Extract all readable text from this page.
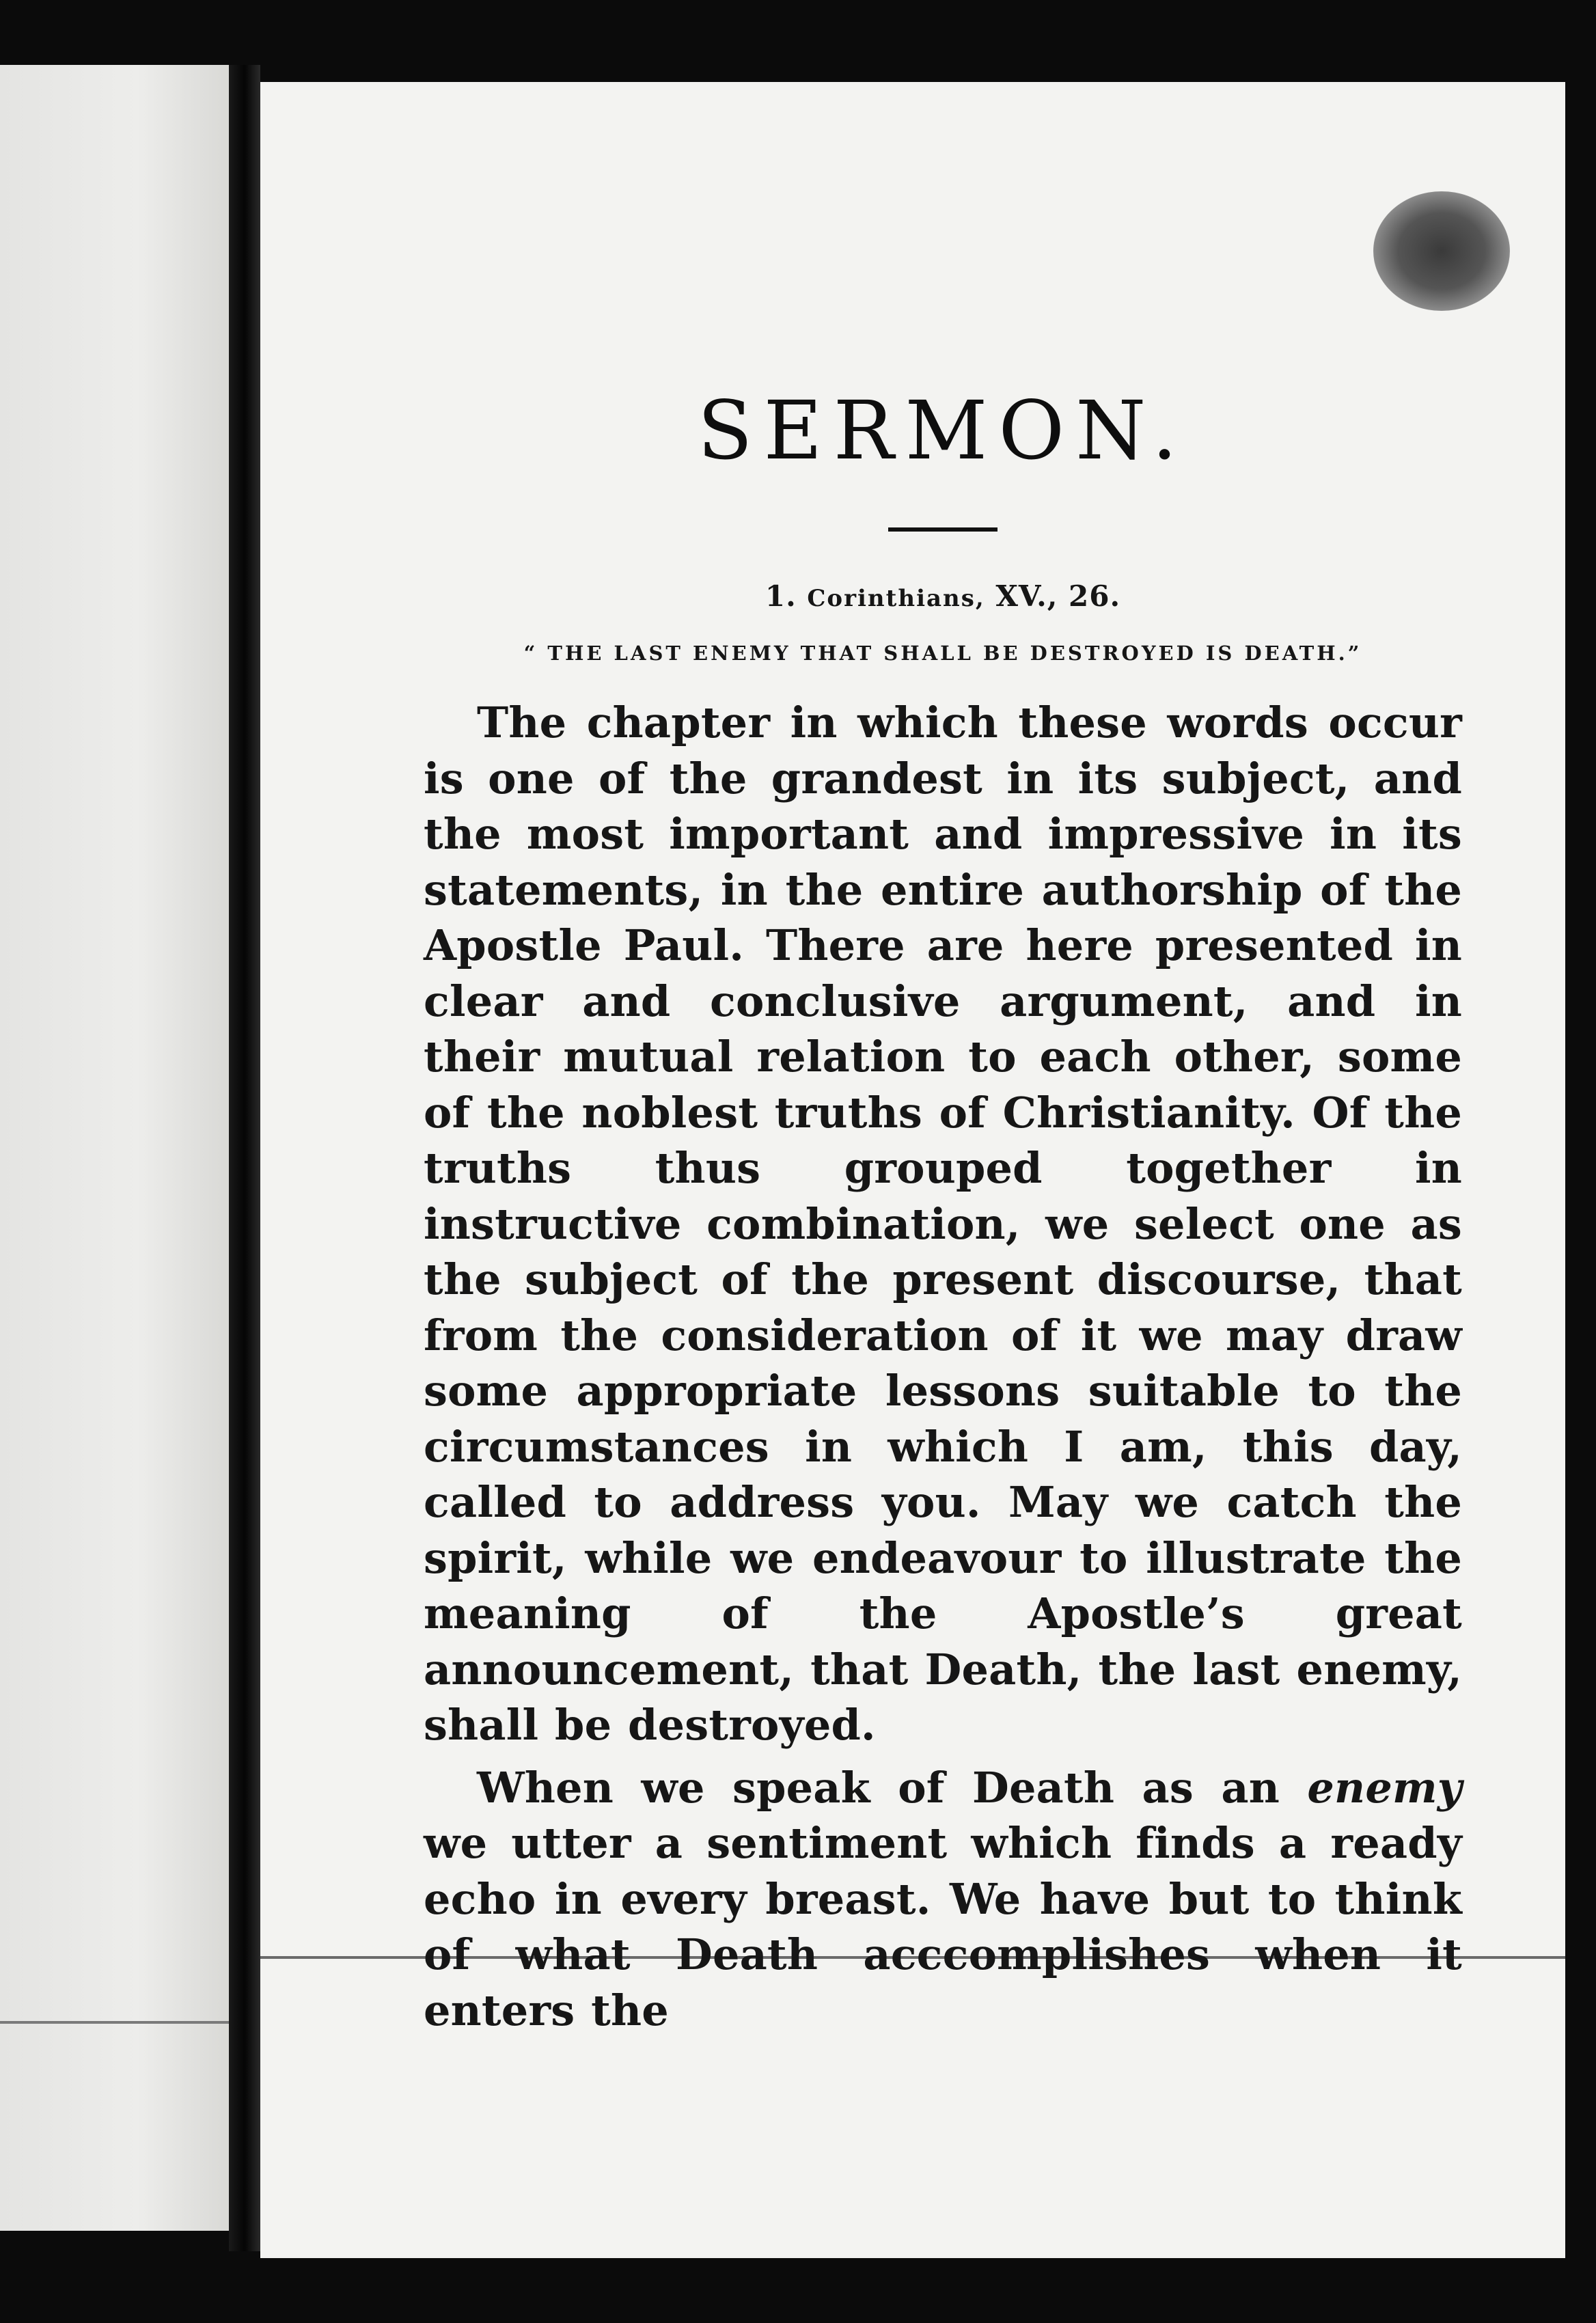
SERMON.
1. Corinthians, XV., 26.
“ THE LAST ENEMY THAT SHALL BE DESTROYED IS DEATH.”

The chapter in which these words occur is one of the grandest in its subject, and the most important and impressive in its statements, in the entire authorship of the Apostle Paul. There are here presented in clear and conclusive argument, and in their mutual relation to each other, some of the noblest truths of Christianity. Of the truths thus grouped together in instructive combination, we select one as the subject of the present discourse, that from the consideration of it we may draw some appropriate lessons suitable to the circumstances in which I am, this day, called to address you. May we catch the spirit, while we endeavour to illustrate the meaning of the Apostle’s great announcement, that Death, the last enemy, shall be destroyed.

When we speak of Death as an enemy we utter a sentiment which finds a ready echo in every breast. We have but to think of what Death acccomplishes when it enters the
